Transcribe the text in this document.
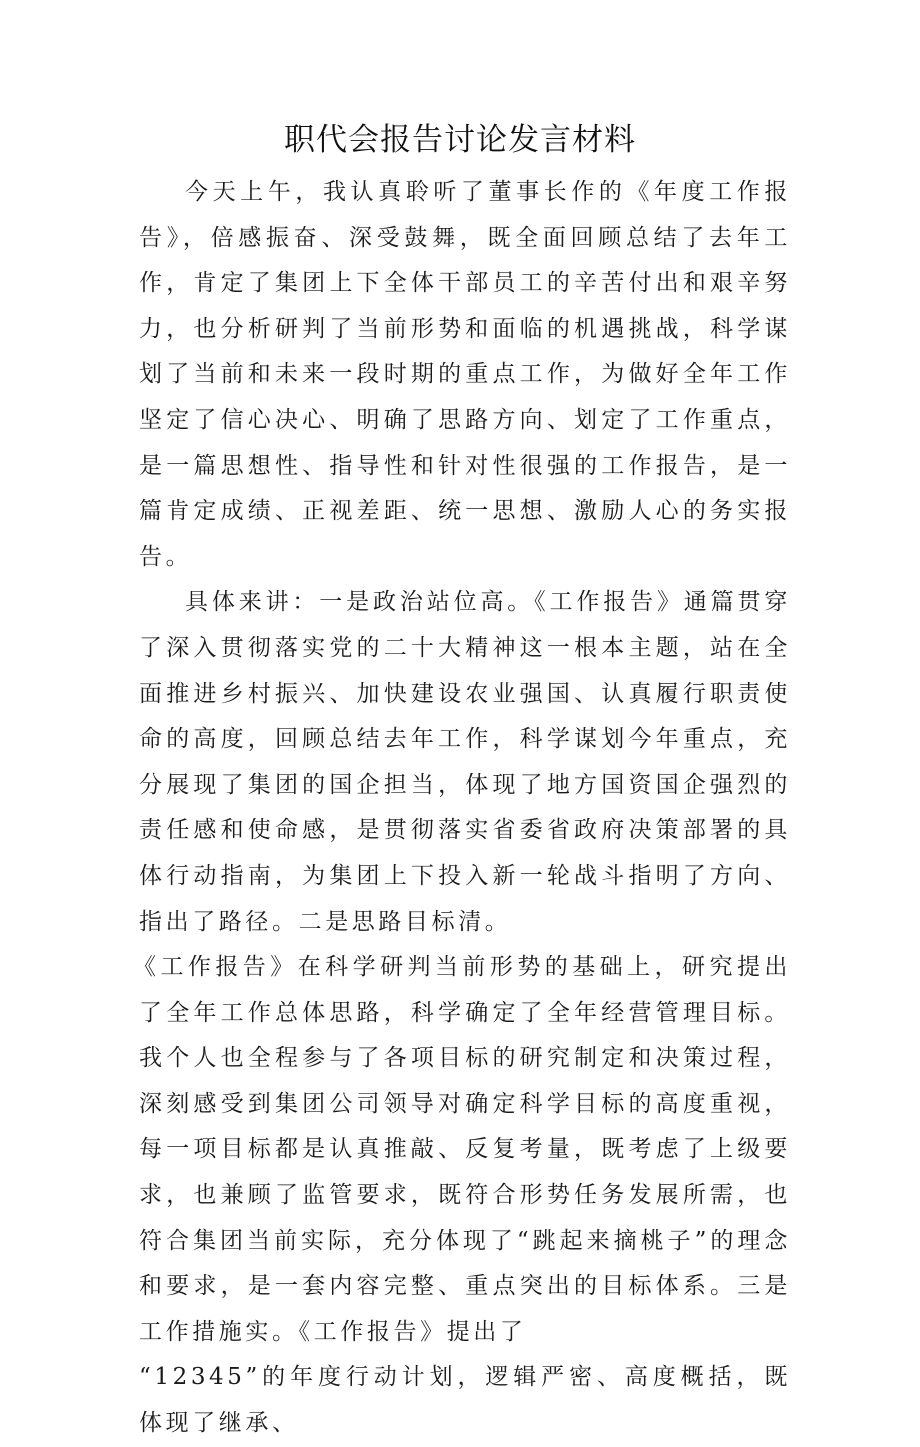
职代会报告讨论发言材料

今天上午，我认真聆听了董事长作的《年度工作报告》，倍感振奋、深受鼓舞，既全面回顾总结了去年工作，肯定了集团上下全体干部员工的辛苦付出和艰辛努力，也分析研判了当前形势和面临的机遇挑战，科学谋划了当前和未来一段时期的重点工作，为做好全年工作坚定了信心决心、明确了思路方向、划定了工作重点，是一篇思想性、指导性和针对性很强的工作报告，是一篇肯定成绩、正视差距、统一思想、激励人心的务实报告。

具体来讲：一是政治站位高。《工作报告》通篇贯穿了深入贯彻落实党的二十大精神这一根本主题，站在全面推进乡村振兴、加快建设农业强国、认真履行职责使命的高度，回顾总结去年工作，科学谋划今年重点，充分展现了集团的国企担当，体现了地方国资国企强烈的责任感和使命感，是贯彻落实省委省政府决策部署的具体行动指南，为集团上下投入新一轮战斗指明了方向、指出了路径。二是思路目标清。

《工作报告》在科学研判当前形势的基础上，研究提出了全年工作总体思路，科学确定了全年经营管理目标。我个人也全程参与了各项目标的研究制定和决策过程，深刻感受到集团公司领导对确定科学目标的高度重视，每一项目标都是认真推敲、反复考量，既考虑了上级要求，也兼顾了监管要求，既符合形势任务发展所需，也符合集团当前实际，充分体现了“跳起来摘桃子”的理念和要求，是一套内容完整、重点突出的目标体系。三是工作措施实。《工作报告》提出了

“12345”的年度行动计划，逻辑严密、高度概括，既体现了继承、
